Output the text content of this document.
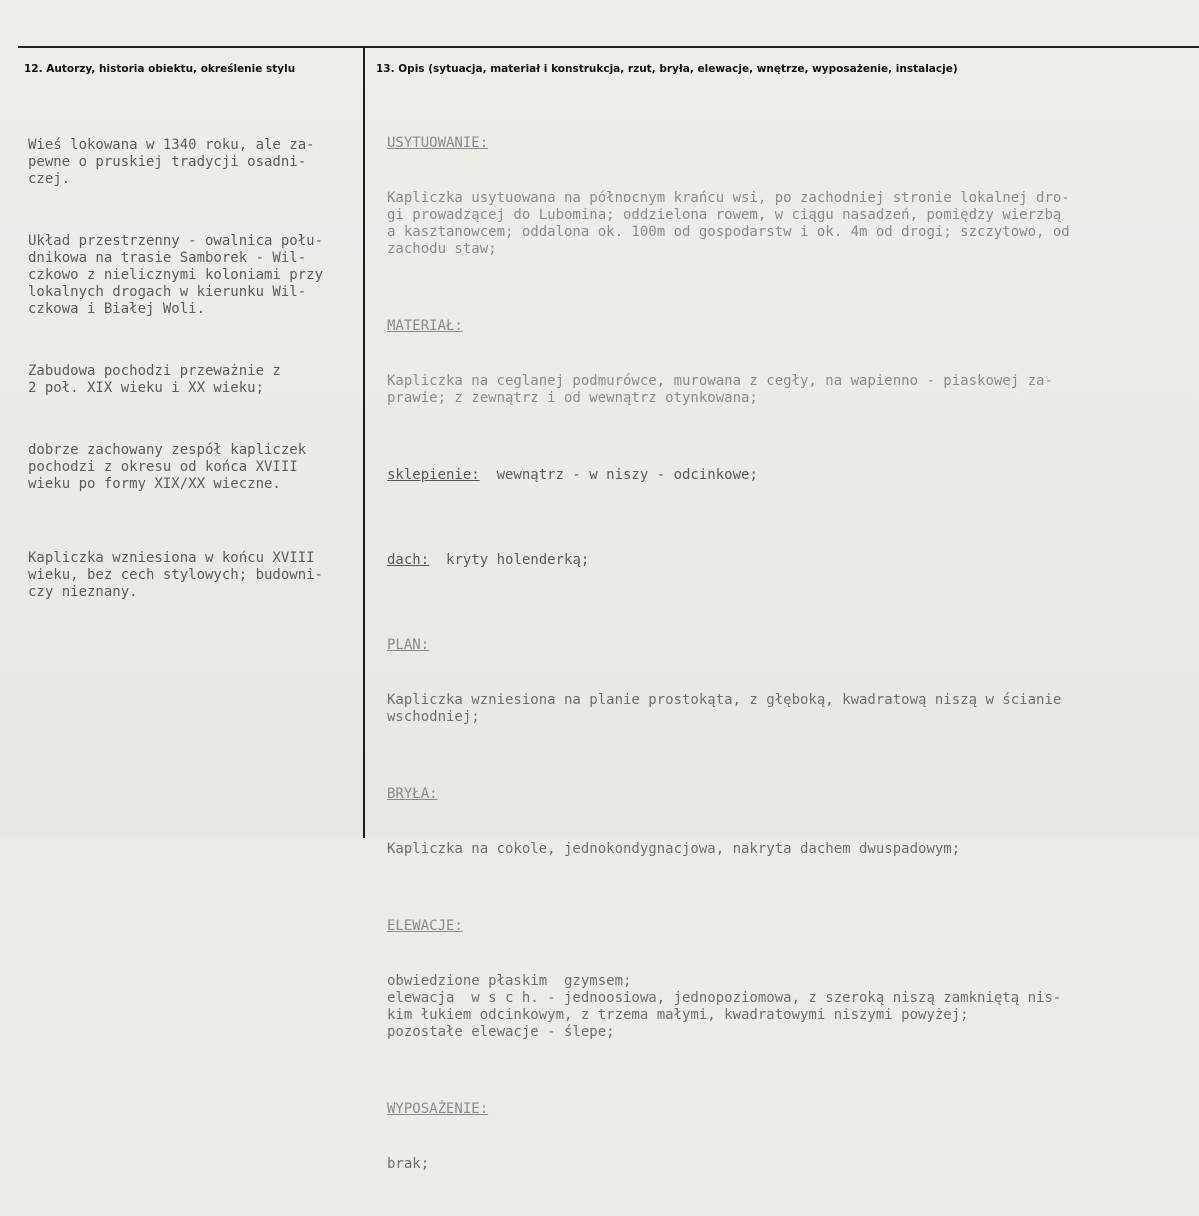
12. Autorzy, historia obiektu, określenie stylu	13. Opis (sytuacja, materiał i konstrukcja, rzut, bryła, elewacje, wnętrze, wyposażenie, instalacje)

Wieś lokowana w 1340 roku, ale za-
pewne o pruskiej tradycji osadni-
czej.

Układ przestrzenny - owalnica połu-
dnikowa na trasie Samborek - Wil-
czkowo z nielicznymi koloniami przy
lokalnych drogach w kierunku Wil-
czkowa i Białej Woli.

Zabudowa pochodzi przeważnie z
2 poł. XIX wieku i XX wieku;

dobrze zachowany zespół kapliczek
pochodzi z okresu od końca XVIII
wieku po formy XIX/XX wieczne.

Kapliczka wzniesiona w końcu XVIII
wieku, bez cech stylowych; budowni-
czy nieznany.

USYTUOWANIE:

Kapliczka usytuowana na północnym krańcu wsi, po zachodniej stronie lokalnej dro-
gi prowadzącej do Lubomina; oddzielona rowem, w ciągu nasadzeń, pomiędzy wierzbą
a kasztanowcem; oddalona ok. 100m od gospodarstw i ok. 4m od drogi; szczytowo, od
zachodu staw;

MATERIAŁ:

Kapliczka na ceglanej podmurówce, murowana z cegły, na wapienno - piaskowej za-
prawie; z zewnątrz i od wewnątrz otynkowana;

sklepienie:  wewnątrz - w niszy - odcinkowe;

dach:  kryty holenderką;

PLAN:

Kapliczka wzniesiona na planie prostokąta, z głęboką, kwadratową niszą w ścianie
wschodniej;

BRYŁA:

Kapliczka na cokole, jednokondygnacjowa, nakryta dachem dwuspadowym;

ELEWACJE:

obwiedzione płaskim  gzymsem;
elewacja  w s c h. - jednoosiowa, jednopoziomowa, z szeroką niszą zamkniętą nis-
kim łukiem odcinkowym, z trzema małymi, kwadratowymi niszymi powyżej;
pozostałe elewacje - ślepe;

WYPOSAŻENIE:

brak;
